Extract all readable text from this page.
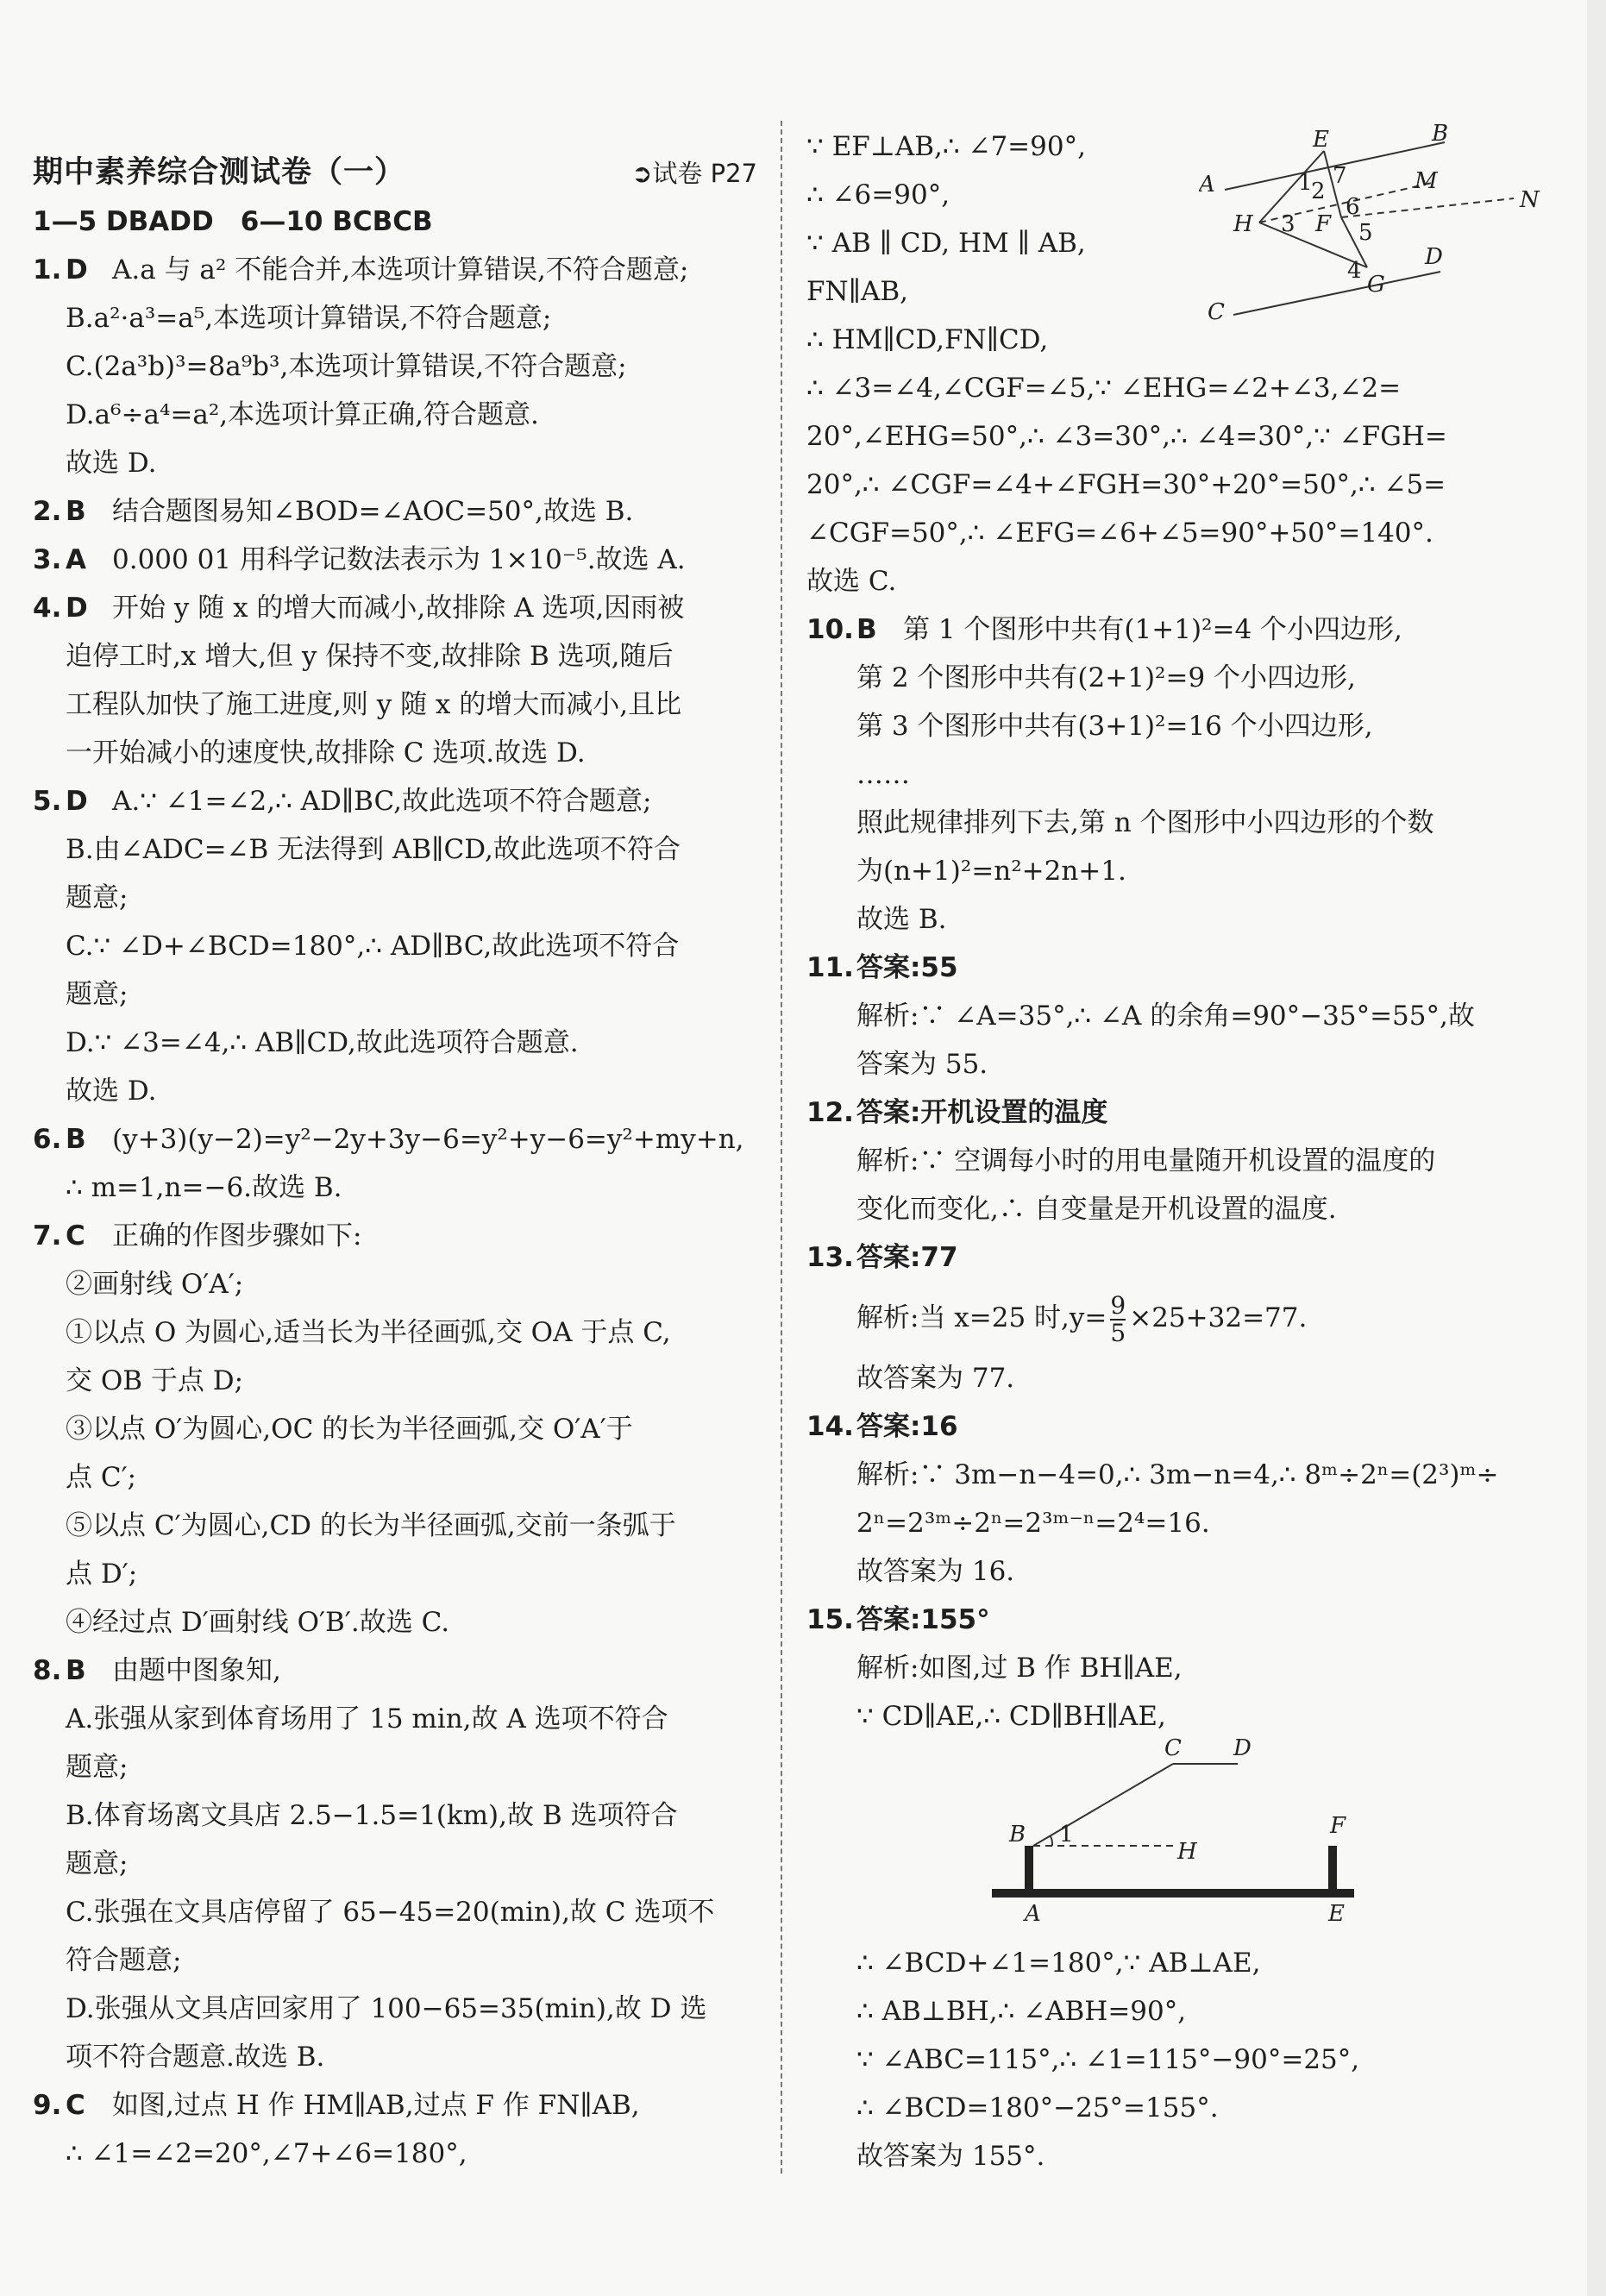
期中素养综合测试卷（一）	➲试卷 P27
1—5 DBADD　6—10 BCBCB
1. D A.a 与 a² 不能合并,本选项计算错误,不符合题意;
B.a²·a³=a⁵,本选项计算错误,不符合题意;
C.(2a³b)³=8a⁹b³,本选项计算错误,不符合题意;
D.a⁶÷a⁴=a²,本选项计算正确,符合题意.
故选 D.
2. B 结合题图易知∠BOD=∠AOC=50°,故选 B.
3. A 0.000 01 用科学记数法表示为 1×10⁻⁵.故选 A.
4. D 开始 y 随 x 的增大而减小,故排除 A 选项,因雨被
迫停工时,x 增大,但 y 保持不变,故排除 B 选项,随后
工程队加快了施工进度,则 y 随 x 的增大而减小,且比
一开始减小的速度快,故排除 C 选项.故选 D.
5. D A.∵ ∠1=∠2,∴ AD∥BC,故此选项不符合题意;
B.由∠ADC=∠B 无法得到 AB∥CD,故此选项不符合
题意;
C.∵ ∠D+∠BCD=180°,∴ AD∥BC,故此选项不符合
题意;
D.∵ ∠3=∠4,∴ AB∥CD,故此选项符合题意.
故选 D.
6. B (y+3)(y−2)=y²−2y+3y−6=y²+y−6=y²+my+n,
∴ m=1,n=−6.故选 B.
7. C	正确的作图步骤如下:
②画射线 O′A′;
①以点 O 为圆心,适当长为半径画弧,交 OA 于点 C,
交 OB 于点 D;
③以点 O′为圆心,OC 的长为半径画弧,交 O′A′于
点 C′;
⑤以点 C′为圆心,CD 的长为半径画弧,交前一条弧于
点 D′;
④经过点 D′画射线 O′B′.故选 C.
8. B 由题中图象知,
A.张强从家到体育场用了 15 min,故 A 选项不符合
题意;
B.体育场离文具店 2.5−1.5=1(km),故 B 选项符合
题意;
C.张强在文具店停留了 65−45=20(min),故 C 选项不
符合题意;
D.张强从文具店回家用了 100−65=35(min),故 D 选
项不符合题意.故选 B.
9. C	如图,过点 H 作 HM∥AB,过点 F 作 FN∥AB,
∴ ∠1=∠2=20°,∠7+∠6=180°,
∵ EF⊥AB,∴ ∠7=90°,
∴ ∠6=90°,
∵ AB ∥ CD, HM ∥ AB,
FN∥AB,
∴ HM∥CD,FN∥CD,
∴ ∠3=∠4,∠CGF=∠5,∵ ∠EHG=∠2+∠3,∠2=
20°,∠EHG=50°,∴ ∠3=30°,∴ ∠4=30°,∵ ∠FGH=
20°,∴ ∠CGF=∠4+∠FGH=30°+20°=50°,∴ ∠5=
∠CGF=50°,∴ ∠EFG=∠6+∠5=90°+50°=140°.
故选 C.
10. B 第 1 个图形中共有(1+1)²=4 个小四边形,
第 2 个图形中共有(2+1)²=9 个小四边形,
第 3 个图形中共有(3+1)²=16 个小四边形,
……
照此规律排列下去,第 n 个图形中小四边形的个数
为(n+1)²=n²+2n+1.
故选 B.
11. 答案:55
解析:∵ ∠A=35°,∴ ∠A 的余角=90°−35°=55°,故
答案为 55.
12. 答案:开机设置的温度
解析:∵ 空调每小时的用电量随开机设置的温度的
变化而变化,∴ 自变量是开机设置的温度.
13. 答案:77
解析:当 x=25 时$,y= \frac{9}{5} \times 25+32=77$.
故答案为 77.
14. 答案:16
解析:∵ 3m−n−4=0,∴ 3m−n=4,∴ 8ᵐ÷2ⁿ=(2³)ᵐ÷
2ⁿ=2³ᵐ÷2ⁿ=2³ᵐ⁻ⁿ=2⁴=16.
故答案为 16.
15. 答案:155°
解析:如图,过 B 作 BH∥AE,
∵ CD∥AE,∴ CD∥BH∥AE,
∴ ∠BCD+∠1=180°,∵ AB⊥AE,
∴ AB⊥BH,∴ ∠ABH=90°,
∵ ∠ABC=115°,∴ ∠1=115°−90°=25°,
∴ ∠BCD=180°−25°=155°.
故答案为 155°.
A
B
C
D
E
F
G
H
M
N
1
2
3
4
5
6
7
B
C D
A	E
F
H
1
